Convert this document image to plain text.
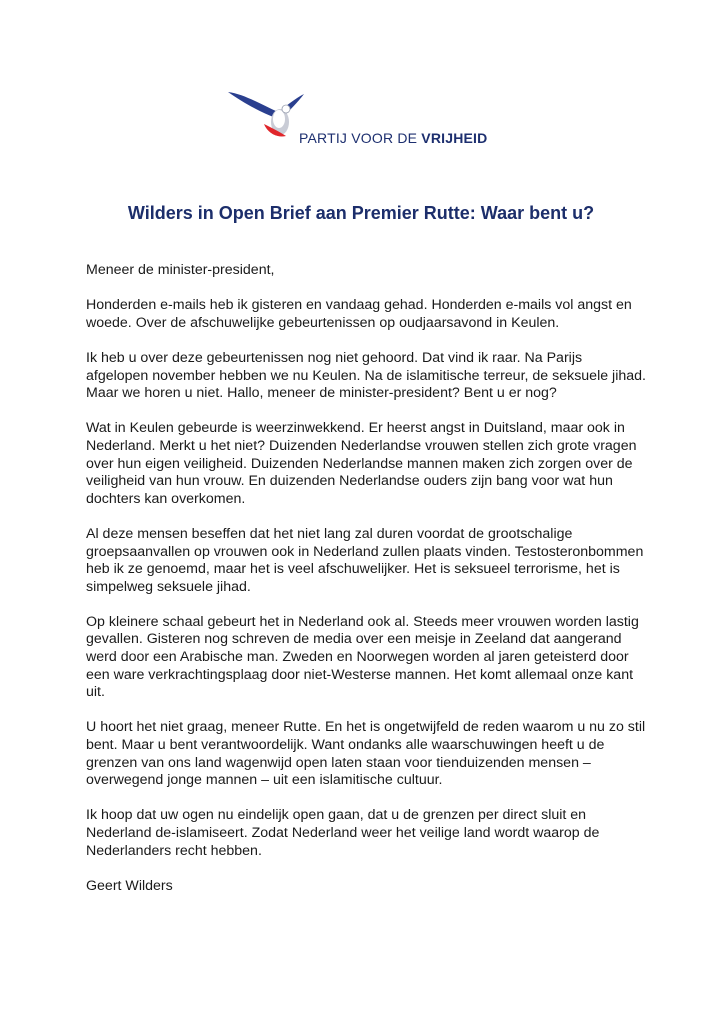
PARTIJ VOOR DE VRIJHEID
Wilders in Open Brief aan Premier Rutte: Waar bent u?

Meneer de minister-president,

Honderden e-mails heb ik gisteren en vandaag gehad. Honderden e-mails vol angst en woede. Over de afschuwelijke gebeurtenissen op oudjaarsavond in Keulen.

Ik heb u over deze gebeurtenissen nog niet gehoord. Dat vind ik raar. Na Parijs afgelopen november hebben we nu Keulen. Na de islamitische terreur, de seksuele jihad. Maar we horen u niet. Hallo, meneer de minister-president? Bent u er nog?

Wat in Keulen gebeurde is weerzinwekkend. Er heerst angst in Duitsland, maar ook in Nederland. Merkt u het niet? Duizenden Nederlandse vrouwen stellen zich grote vragen over hun eigen veiligheid. Duizenden Nederlandse mannen maken zich zorgen over de veiligheid van hun vrouw. En duizenden Nederlandse ouders zijn bang voor wat hun dochters kan overkomen.

Al deze mensen beseffen dat het niet lang zal duren voordat de grootschalige groepsaanvallen op vrouwen ook in Nederland zullen plaats vinden. Testosteronbommen heb ik ze genoemd, maar het is veel afschuwelijker. Het is seksueel terrorisme, het is simpelweg seksuele jihad.

Op kleinere schaal gebeurt het in Nederland ook al. Steeds meer vrouwen worden lastig gevallen. Gisteren nog schreven de media over een meisje in Zeeland dat aangerand werd door een Arabische man. Zweden en Noorwegen worden al jaren geteisterd door een ware verkrachtingsplaag door niet-Westerse mannen. Het komt allemaal onze kant uit.

U hoort het niet graag, meneer Rutte. En het is ongetwijfeld de reden waarom u nu zo stil bent. Maar u bent verantwoordelijk. Want ondanks alle waarschuwingen heeft u de grenzen van ons land wagenwijd open laten staan voor tienduizenden mensen – overwegend jonge mannen – uit een islamitische cultuur.

Ik hoop dat uw ogen nu eindelijk open gaan, dat u de grenzen per direct sluit en Nederland de-islamiseert. Zodat Nederland weer het veilige land wordt waarop de Nederlanders recht hebben.

Geert Wilders
